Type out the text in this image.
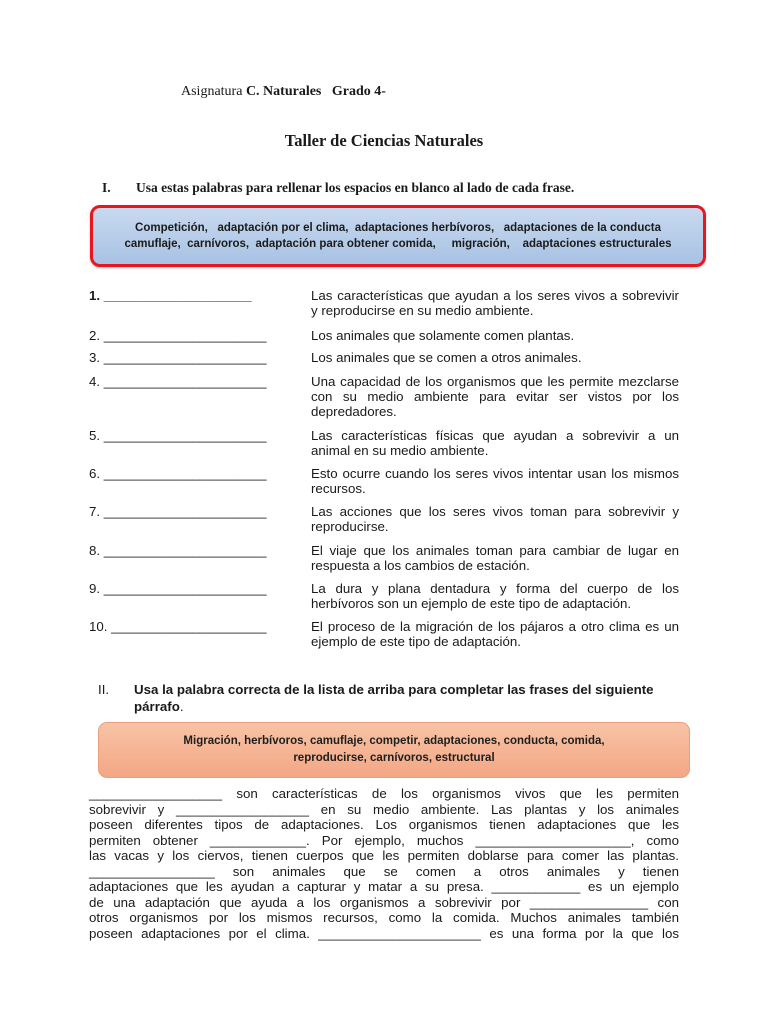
Asignatura C. Naturales   Grado 4-
Taller de Ciencias Naturales
I. Usa estas palabras para rellenar los espacios en blanco al lado de cada frase.
Competición,   adaptación por el clima,  adaptaciones herbívoros,   adaptaciones de la conducta
camuflaje,  carnívoros,  adaptación para obtener comida,     migración,    adaptaciones estructurales
1. ____________________	Las características que ayudan a los seres vivos a sobrevivir y reproducirse en su medio ambiente.
2. ______________________	Los animales que solamente comen plantas.
3. ______________________	Los animales que se comen a otros animales.
4. ______________________	Una capacidad de los organismos que les permite mezclarse con su medio ambiente para evitar ser vistos por los depredadores.
5. ______________________	Las características físicas que ayudan a sobrevivir a un animal en su medio ambiente.
6. ______________________	Esto ocurre cuando los seres vivos intentar usan los mismos recursos.
7. ______________________	Las acciones que los seres vivos toman para sobrevivir y reproducirse.
8. ______________________	El viaje que los animales toman para cambiar de lugar en respuesta a los cambios de estación.
9. ______________________	La dura y plana dentadura y forma del cuerpo de los herbívoros son un ejemplo de este tipo de adaptación.
10. _____________________	El proceso de la migración de los pájaros a otro clima es un ejemplo de este tipo de adaptación.
II. Usa la palabra correcta de la lista de arriba para completar las frases del siguiente párrafo.
Migración, herbívoros, camuflaje, competir, adaptaciones, conducta, comida,
reproducirse, carnívoros, estructural
__________________ son características de los organismos vivos que les permiten
sobrevivir y __________________ en su medio ambiente. Las plantas y los animales
poseen diferentes tipos de adaptaciones. Los organismos tienen adaptaciones que les
permiten obtener _____________. Por ejemplo, muchos _____________________, como
las vacas y los ciervos, tienen cuerpos que les permiten doblarse para comer las plantas.
_________________ son animales que se comen a otros animales y tienen
adaptaciones que les ayudan a capturar y matar a su presa. ____________ es un ejemplo
de una adaptación que ayuda a los organismos a sobrevivir por ________________ con
otros organismos por los mismos recursos, como la comida. Muchos animales también
poseen adaptaciones por el clima. ______________________ es una forma por la que los
